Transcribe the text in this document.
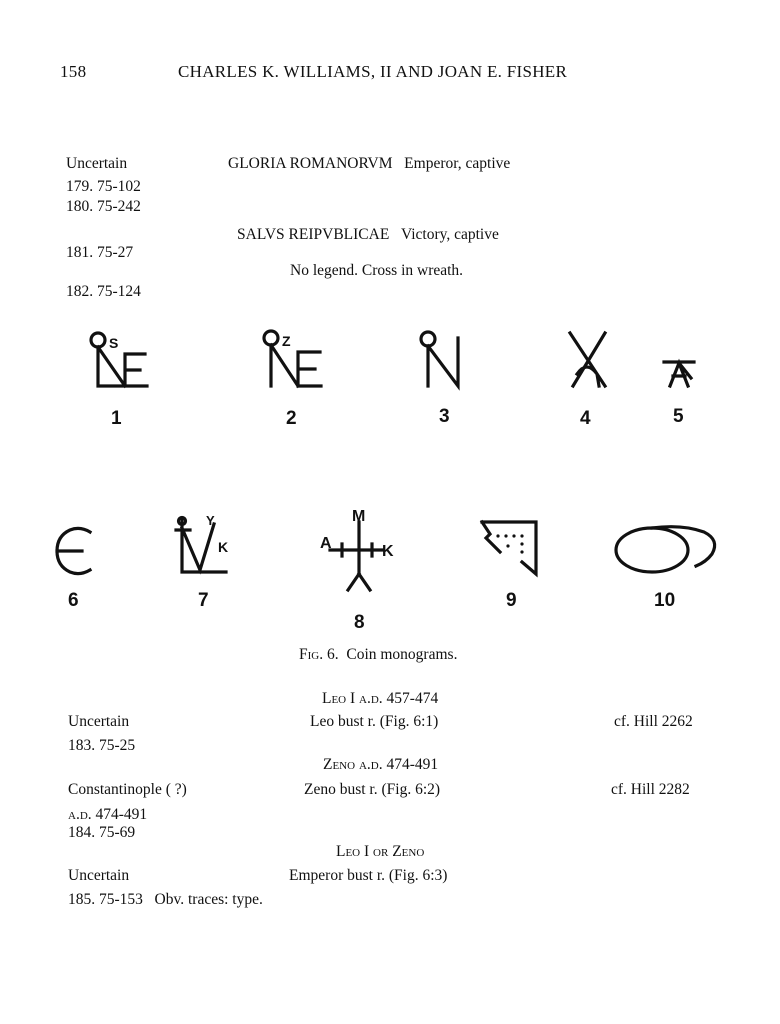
158	CHARLES K. WILLIAMS, II AND JOAN E. FISHER
Uncertain	GLORIA ROMANORVM Emperor, captive
179. 75-102
180. 75-242
SALVS REIPVBLICAE Victory, captive
181. 75-27
No legend. Cross in wreath.
182. 75-124
S	Z
1	2	3	4	5
Y
K
M
A	K
6	7
8
9	10
Fig. 6. Coin monograms.
Leo I a.d. 457-474
Uncertain	Leo bust r. (Fig. 6:1)	cf. Hill 2262
183. 75-25
Zeno a.d. 474-491
Constantinople ( ?)	Zeno bust r. (Fig. 6:2)	cf. Hill 2282
a.d. 474-491
184. 75-69
Leo I or Zeno
Uncertain	Emperor bust r. (Fig. 6:3)
185. 75-153 Obv. traces: type.
